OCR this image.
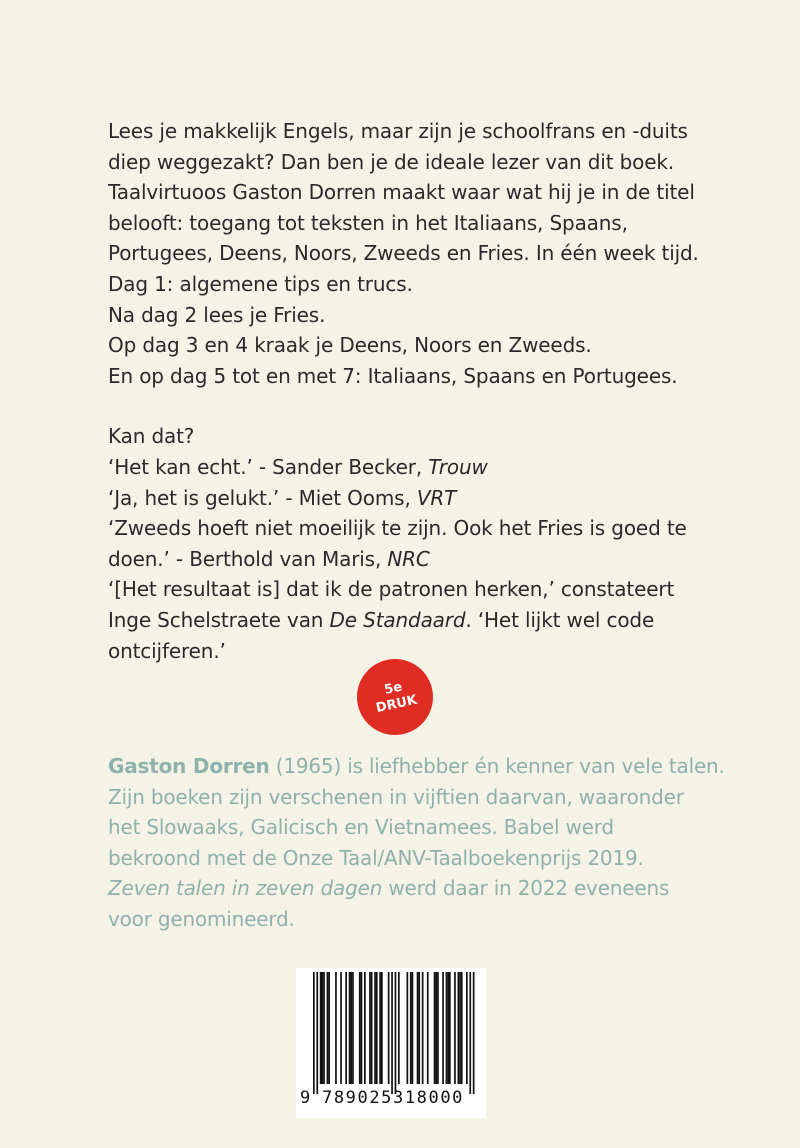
Lees je makkelijk Engels, maar zijn je schoolfrans en -duits
diep weggezakt? Dan ben je de ideale lezer van dit boek.
Taalvirtuoos Gaston Dorren maakt waar wat hij je in de titel
belooft: toegang tot teksten in het Italiaans, Spaans,
Portugees, Deens, Noors, Zweeds en Fries. In één week tijd.
Dag 1: algemene tips en trucs.
Na dag 2 lees je Fries.
Op dag 3 en 4 kraak je Deens, Noors en Zweeds.
En op dag 5 tot en met 7: Italiaans, Spaans en Portugees.
Kan dat?
‘Het kan echt.’ - Sander Becker, Trouw
‘Ja, het is gelukt.’ - Miet Ooms, VRT
‘Zweeds hoeft niet moeilijk te zijn. Ook het Fries is goed te
doen.’ - Berthold van Maris, NRC
‘[Het resultaat is] dat ik de patronen herken,’ constateert
Inge Schelstraete van De Standaard. ‘Het lijkt wel code
ontcijferen.’
5e
DRUK
Gaston Dorren (1965) is liefhebber én kenner van vele talen.
Zijn boeken zijn verschenen in vijftien daarvan, waaronder
het Slowaaks, Galicisch en Vietnamees. Babel werd
bekroond met de Onze Taal/ANV-Taalboekenprijs 2019.
Zeven talen in zeven dagen werd daar in 2022 eveneens
voor genomineerd.
9 789025318000
